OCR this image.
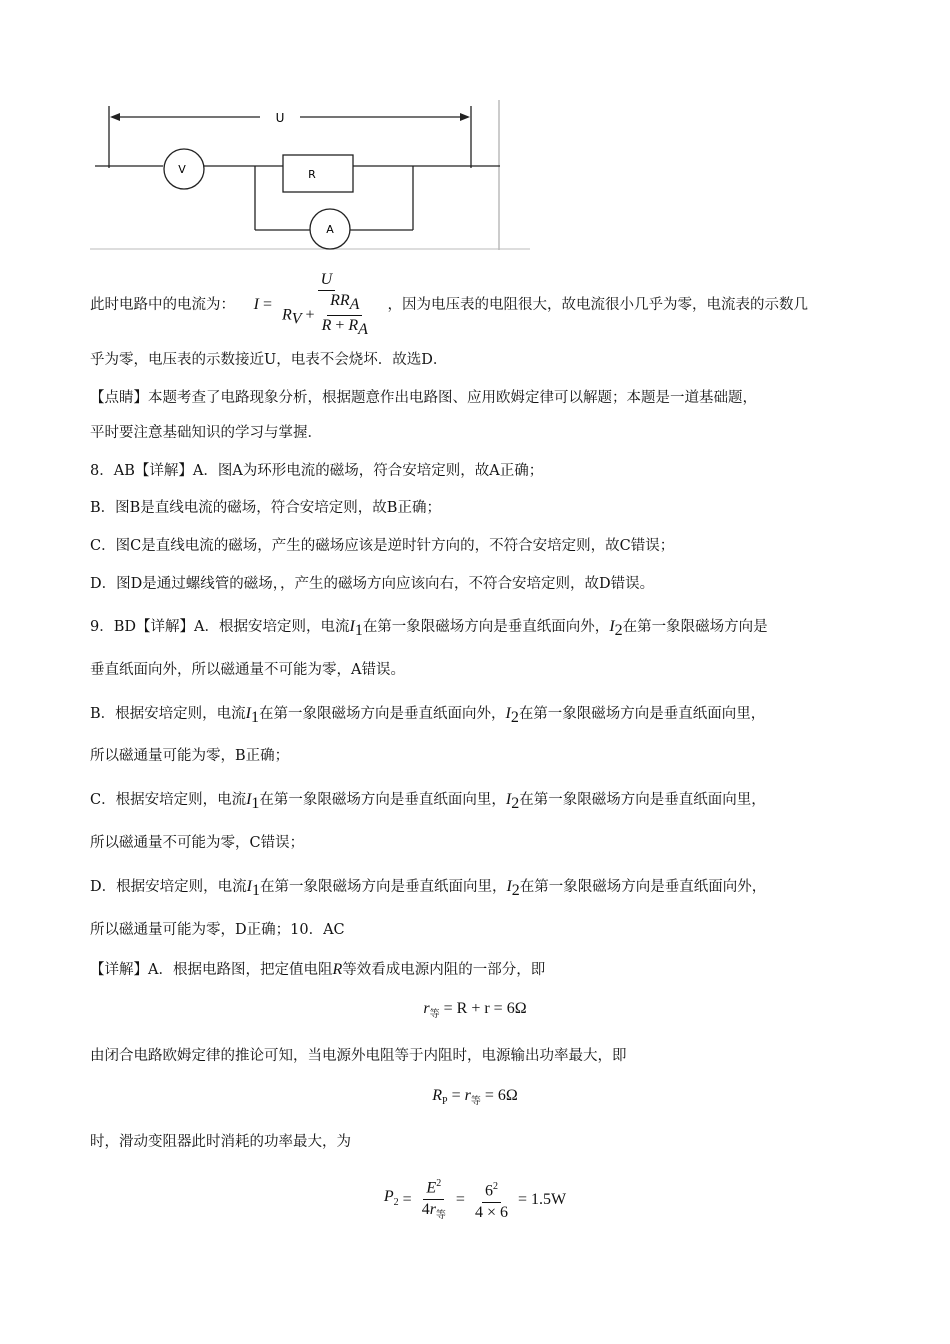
U
V	R
A
此时电路中的电流为： $I = \frac{U}{R_V + \frac{RR_A}{R + R_A}}$ ，因为电压表的电阻很大，故电流很小几乎为零，电流表的示数几
乎为零，电压表的示数接近U，电表不会烧坏．故选D．
【点睛】本题考查了电路现象分析，根据题意作出电路图、应用欧姆定律可以解题；本题是一道基础题，
平时要注意基础知识的学习与掌握．
8．AB【详解】A．图A为环形电流的磁场，符合安培定则，故A正确；
B．图B是直线电流的磁场，符合安培定则，故B正确；
C．图C是直线电流的磁场，产生的磁场应该是逆时针方向的，不符合安培定则，故C错误；
D．图D是通过螺线管的磁场，，产生的磁场方向应该向右，不符合安培定则，故D错误。
9．BD【详解】A．根据安培定则，电流$I_1$在第一象限磁场方向是垂直纸面向外，$I_2$在第一象限磁场方向是
垂直纸面向外，所以磁通量不可能为零，A错误。
B．根据安培定则，电流$I_1$在第一象限磁场方向是垂直纸面向外，$I_2$在第一象限磁场方向是垂直纸面向里，
所以磁通量可能为零，B正确；
C．根据安培定则，电流$I_1$在第一象限磁场方向是垂直纸面向里，$I_2$在第一象限磁场方向是垂直纸面向里，
所以磁通量不可能为零，C错误；
D．根据安培定则，电流$I_1$在第一象限磁场方向是垂直纸面向里，$I_2$在第一象限磁场方向是垂直纸面向外，
所以磁通量可能为零，D正确；10．AC
【详解】A．根据电路图，把定值电阻R等效看成电源内阻的一部分，即
$r_等 = R + r = 6\Omega$
由闭合电路欧姆定律的推论可知，当电源外电阻等于内阻时，电源输出功率最大，即
$R_P = r_等 = 6\Omega$
时，滑动变阻器此时消耗的功率最大，为
$P_2 = \frac{E^2}{4r_等} = \frac{6^2}{4 \times 6} = 1.5W$
